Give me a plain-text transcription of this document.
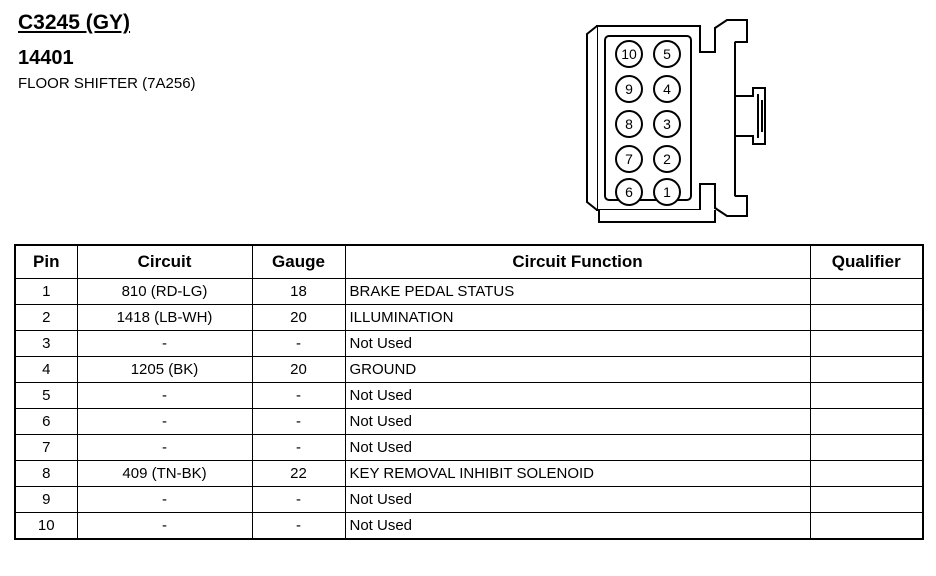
C3245 (GY)
14401
FLOOR SHIFTER (7A256)
10
9
8
7
6
5
4
3
2
1
Pin	Circuit	Gauge	Circuit Function	Qualifier
1	810 (RD-LG)	18	BRAKE PEDAL STATUS	
2	1418 (LB-WH)	20	ILLUMINATION	
3	-	-	Not Used	
4	1205 (BK)	20	GROUND	
5	-	-	Not Used	
6	-	-	Not Used	
7	-	-	Not Used	
8	409 (TN-BK)	22	KEY REMOVAL INHIBIT SOLENOID	
9	-	-	Not Used	
10	-	-	Not Used	
